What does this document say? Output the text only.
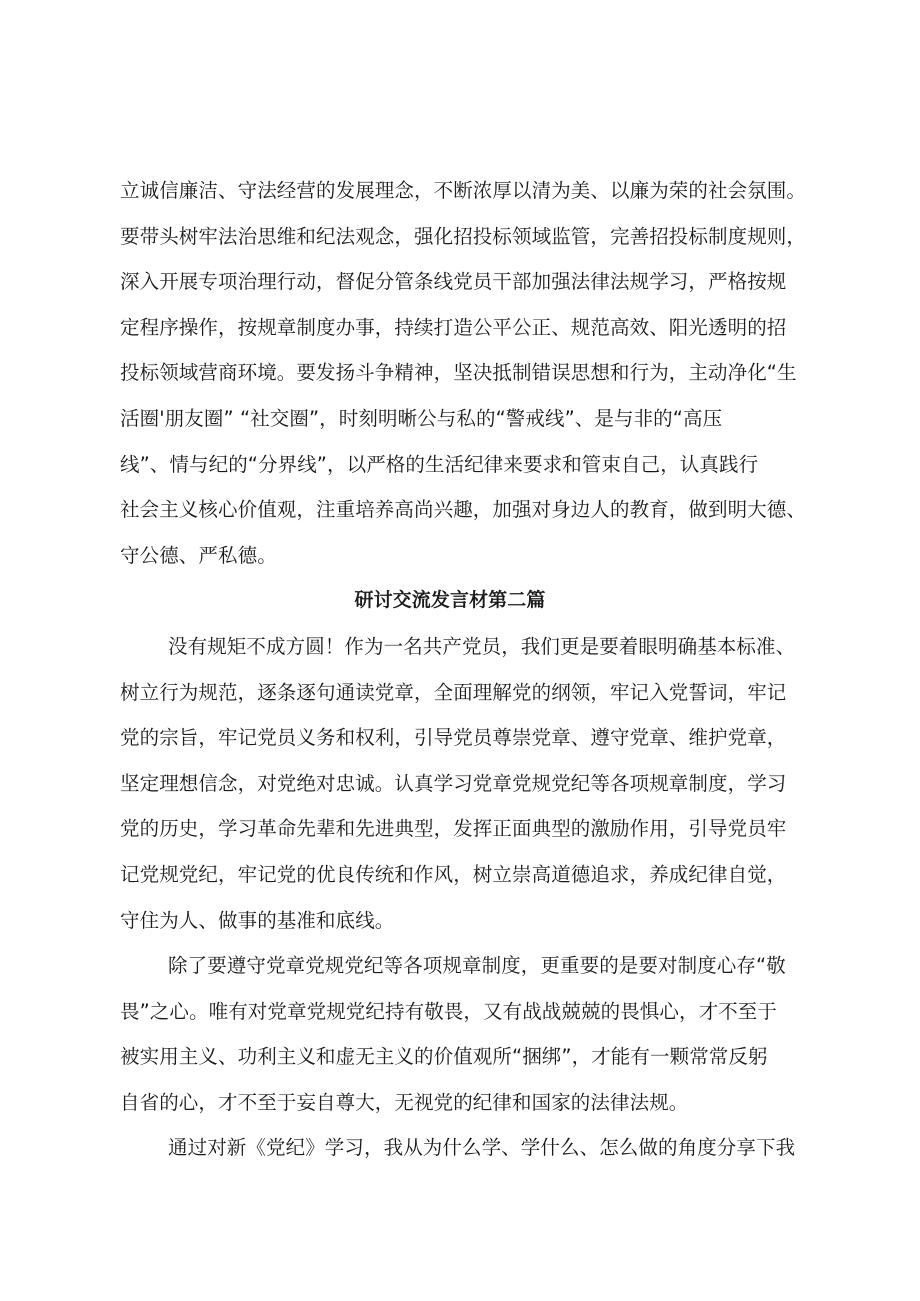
立诚信廉洁、守法经营的发展理念，不断浓厚以清为美、以廉为荣的社会氛围。
要带头树牢法治思维和纪法观念，强化招投标领域监管，完善招投标制度规则，
深入开展专项治理行动，督促分管条线党员干部加强法律法规学习，严格按规
定程序操作，按规章制度办事，持续打造公平公正、规范高效、阳光透明的招
投标领域营商环境。要发扬斗争精神，坚决抵制错误思想和行为，主动净化“生
活圈'朋友圈” “社交圈”，时刻明晰公与私的“警戒线”、是与非的“高压
线”、情与纪的“分界线”，以严格的生活纪律来要求和管束自己，认真践行
社会主义核心价值观，注重培养高尚兴趣，加强对身边人的教育，做到明大德、
守公德、严私德。
研讨交流发言材第二篇
没有规矩不成方圆！作为一名共产党员，我们更是要着眼明确基本标准、
树立行为规范，逐条逐句通读党章，全面理解党的纲领，牢记入党誓词，牢记
党的宗旨，牢记党员义务和权利，引导党员尊崇党章、遵守党章、维护党章，
坚定理想信念，对党绝对忠诚。认真学习党章党规党纪等各项规章制度，学习
党的历史，学习革命先辈和先进典型，发挥正面典型的激励作用，引导党员牢
记党规党纪，牢记党的优良传统和作风，树立崇高道德追求，养成纪律自觉，
守住为人、做事的基准和底线。
除了要遵守党章党规党纪等各项规章制度，更重要的是要对制度心存“敬
畏”之心。唯有对党章党规党纪持有敬畏，又有战战兢兢的畏惧心，才不至于
被实用主义、功利主义和虚无主义的价值观所“捆绑”，才能有一颗常常反躬
自省的心，才不至于妄自尊大，无视党的纪律和国家的法律法规。
通过对新《党纪》学习，我从为什么学、学什么、怎么做的角度分享下我
